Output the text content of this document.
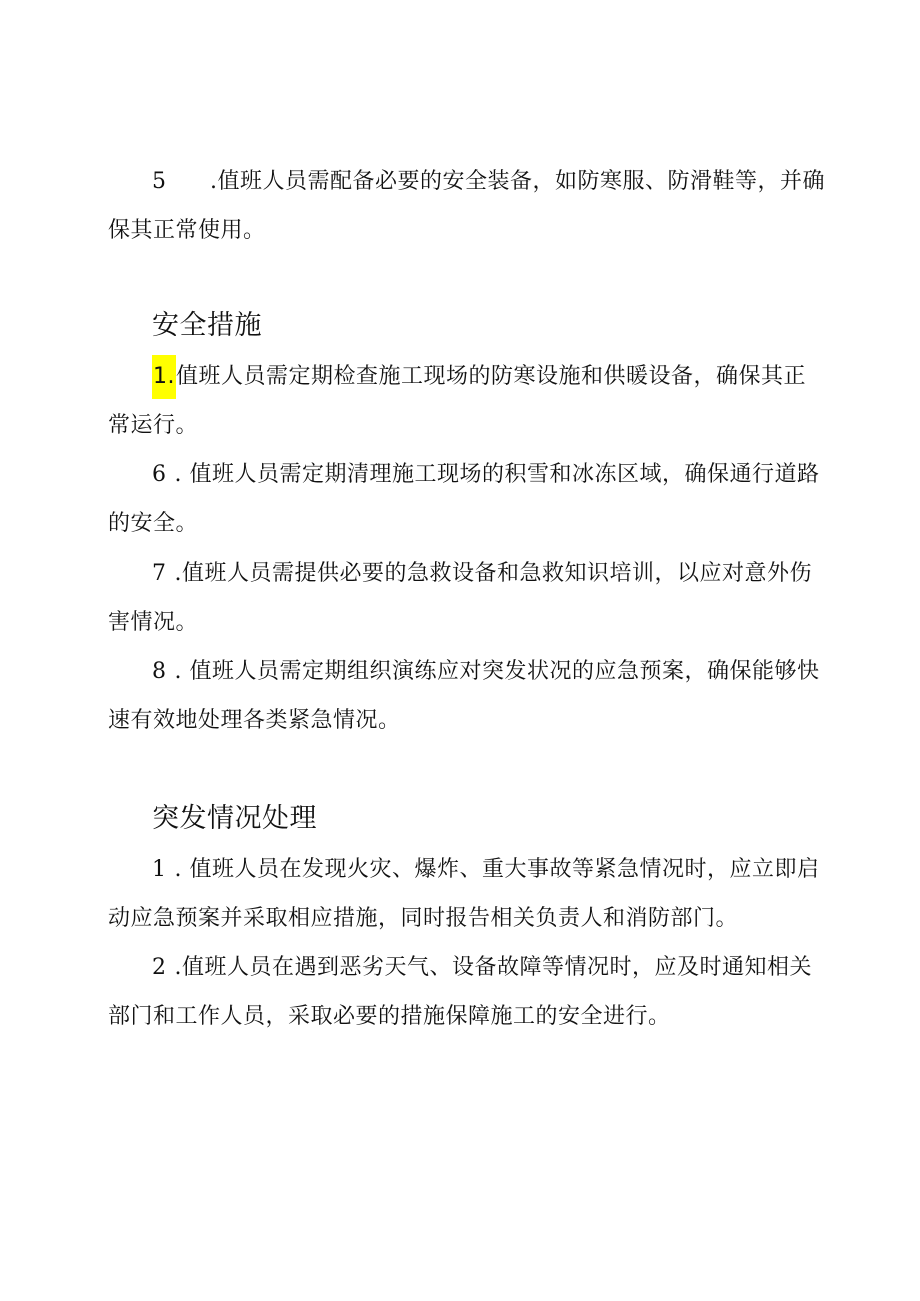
5 .值班人员需配备必要的安全装备，如防寒服、防滑鞋等，并确保其正常使用。

安全措施

1.值班人员需定期检查施工现场的防寒设施和供暖设备，确保其正常运行。

6 . 值班人员需定期清理施工现场的积雪和冰冻区域，确保通行道路的安全。

7 .值班人员需提供必要的急救设备和急救知识培训，以应对意外伤害情况。

8 . 值班人员需定期组织演练应对突发状况的应急预案，确保能够快速有效地处理各类紧急情况。

突发情况处理

1 . 值班人员在发现火灾、爆炸、重大事故等紧急情况时，应立即启动应急预案并采取相应措施，同时报告相关负责人和消防部门。

2 .值班人员在遇到恶劣天气、设备故障等情况时，应及时通知相关部门和工作人员，采取必要的措施保障施工的安全进行。
